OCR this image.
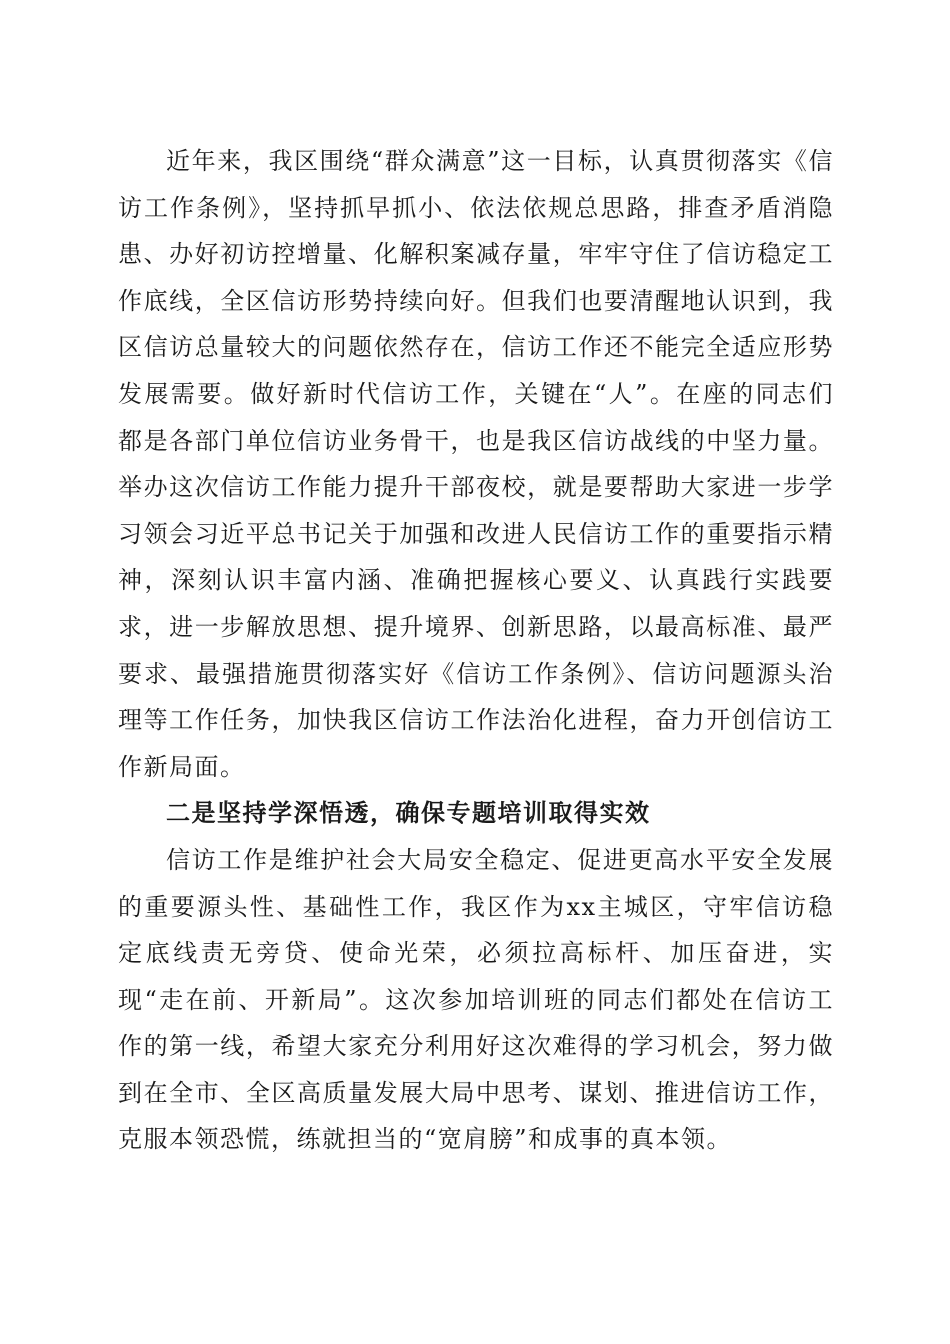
近年来，我区围绕“群众满意”这一目标，认真贯彻落实《信访工作条例》，坚持抓早抓小、依法依规总思路，排查矛盾消隐患、办好初访控增量、化解积案减存量，牢牢守住了信访稳定工作底线，全区信访形势持续向好。但我们也要清醒地认识到，我区信访总量较大的问题依然存在，信访工作还不能完全适应形势发展需要。做好新时代信访工作，关键在“人”。在座的同志们都是各部门单位信访业务骨干，也是我区信访战线的中坚力量。举办这次信访工作能力提升干部夜校，就是要帮助大家进一步学习领会习近平总书记关于加强和改进人民信访工作的重要指示精神，深刻认识丰富内涵、准确把握核心要义、认真践行实践要求，进一步解放思想、提升境界、创新思路，以最高标准、最严要求、最强措施贯彻落实好《信访工作条例》、信访问题源头治理等工作任务，加快我区信访工作法治化进程，奋力开创信访工作新局面。

二是坚持学深悟透，确保专题培训取得实效

信访工作是维护社会大局安全稳定、促进更高水平安全发展的重要源头性、基础性工作，我区作为xx主城区，守牢信访稳定底线责无旁贷、使命光荣，必须拉高标杆、加压奋进，实现“走在前、开新局”。这次参加培训班的同志们都处在信访工作的第一线，希望大家充分利用好这次难得的学习机会，努力做到在全市、全区高质量发展大局中思考、谋划、推进信访工作，克服本领恐慌，练就担当的“宽肩膀”和成事的真本领。
